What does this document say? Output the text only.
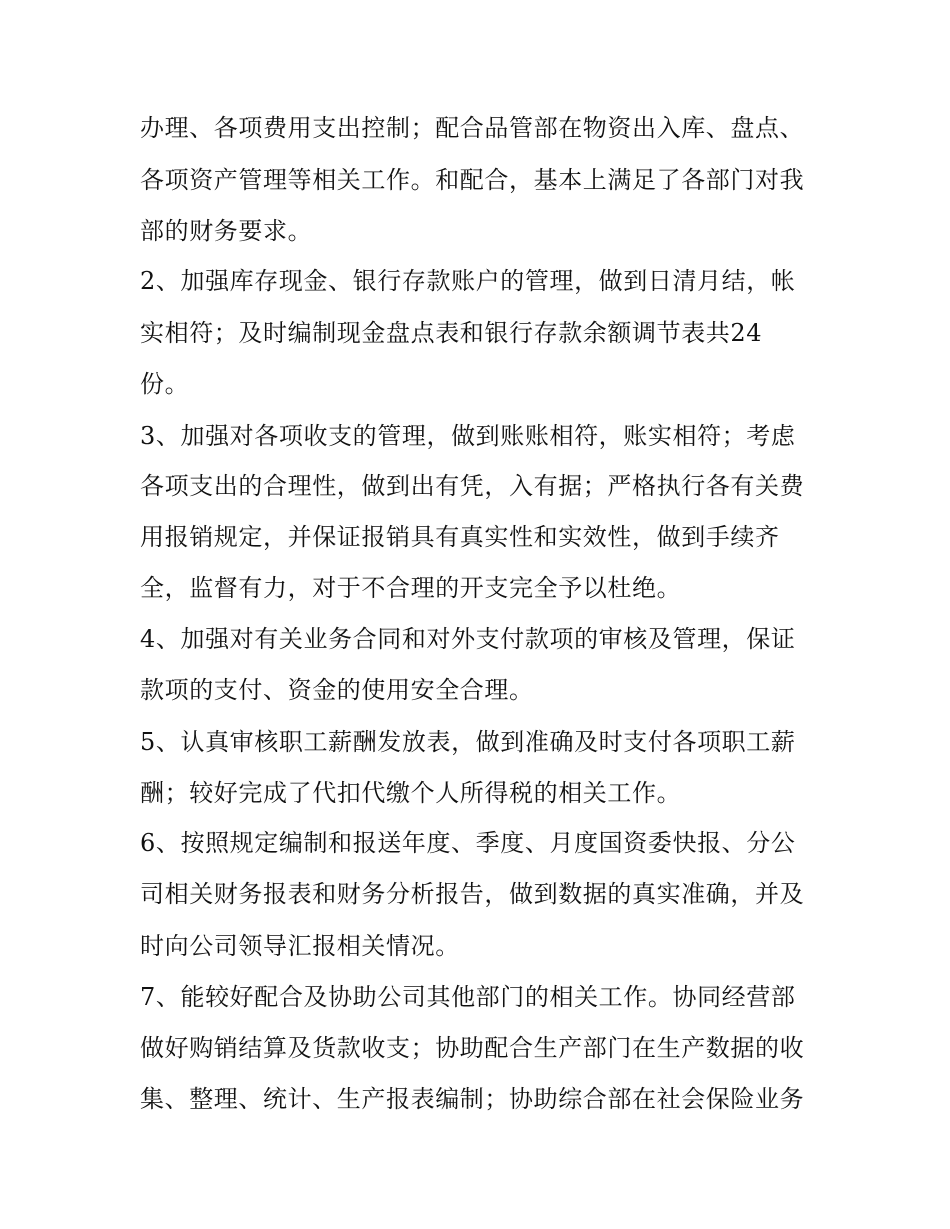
办理、各项费用支出控制；配合品管部在物资出入库、盘点、
各项资产管理等相关工作。和配合，基本上满足了各部门对我
部的财务要求。
2、加强库存现金、银行存款账户的管理，做到日清月结，帐
实相符；及时编制现金盘点表和银行存款余额调节表共24
份。
3、加强对各项收支的管理，做到账账相符，账实相符；考虑
各项支出的合理性，做到出有凭，入有据；严格执行各有关费
用报销规定，并保证报销具有真实性和实效性，做到手续齐
全，监督有力，对于不合理的开支完全予以杜绝。
4、加强对有关业务合同和对外支付款项的审核及管理，保证
款项的支付、资金的使用安全合理。
5、认真审核职工薪酬发放表，做到准确及时支付各项职工薪
酬；较好完成了代扣代缴个人所得税的相关工作。
6、按照规定编制和报送年度、季度、月度国资委快报、分公
司相关财务报表和财务分析报告，做到数据的真实准确，并及
时向公司领导汇报相关情况。
7、能较好配合及协助公司其他部门的相关工作。协同经营部
做好购销结算及货款收支；协助配合生产部门在生产数据的收
集、整理、统计、生产报表编制；协助综合部在社会保险业务
